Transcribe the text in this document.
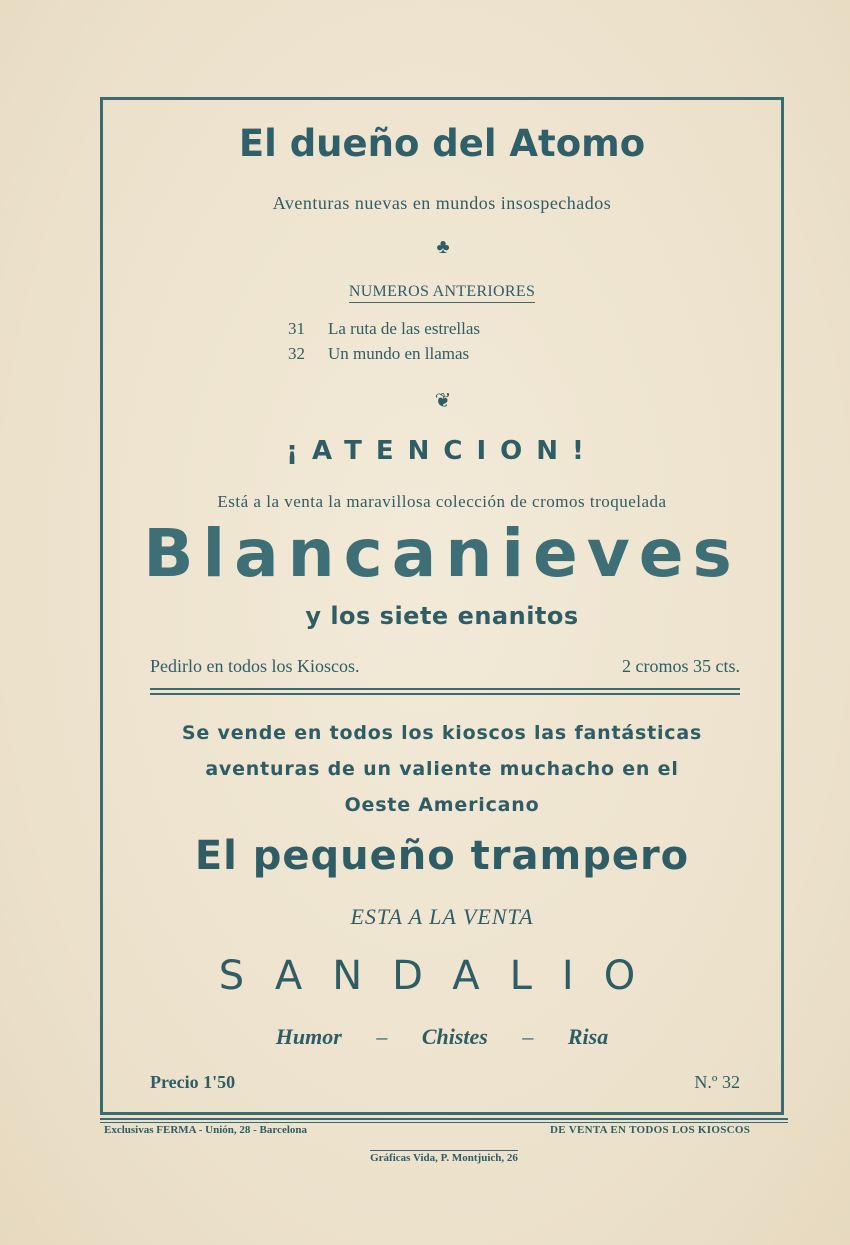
El dueño del Atomo
Aventuras nuevas en mundos insospechados
♣
NUMEROS ANTERIORES
31 La ruta de las estrellas
32 Un mundo en llamas
❦
¡ATENCION!
Está a la venta la maravillosa colección de cromos troquelada
Blancanieves
y los siete enanitos
Pedirlo en todos los Kioscos.	2 cromos 35 cts.
Se vende en todos los kioscos las fantásticas
aventuras de un valiente muchacho en el
Oeste Americano
El pequeño trampero
ESTA A LA VENTA
SANDALIO
Humor – Chistes – Risa
Precio 1'50	N.º 32
Exclusivas FERMA - Unión, 28 - Barcelona	DE VENTA EN TODOS LOS KIOSCOS
Gráficas Vida, P. Montjuich, 26
